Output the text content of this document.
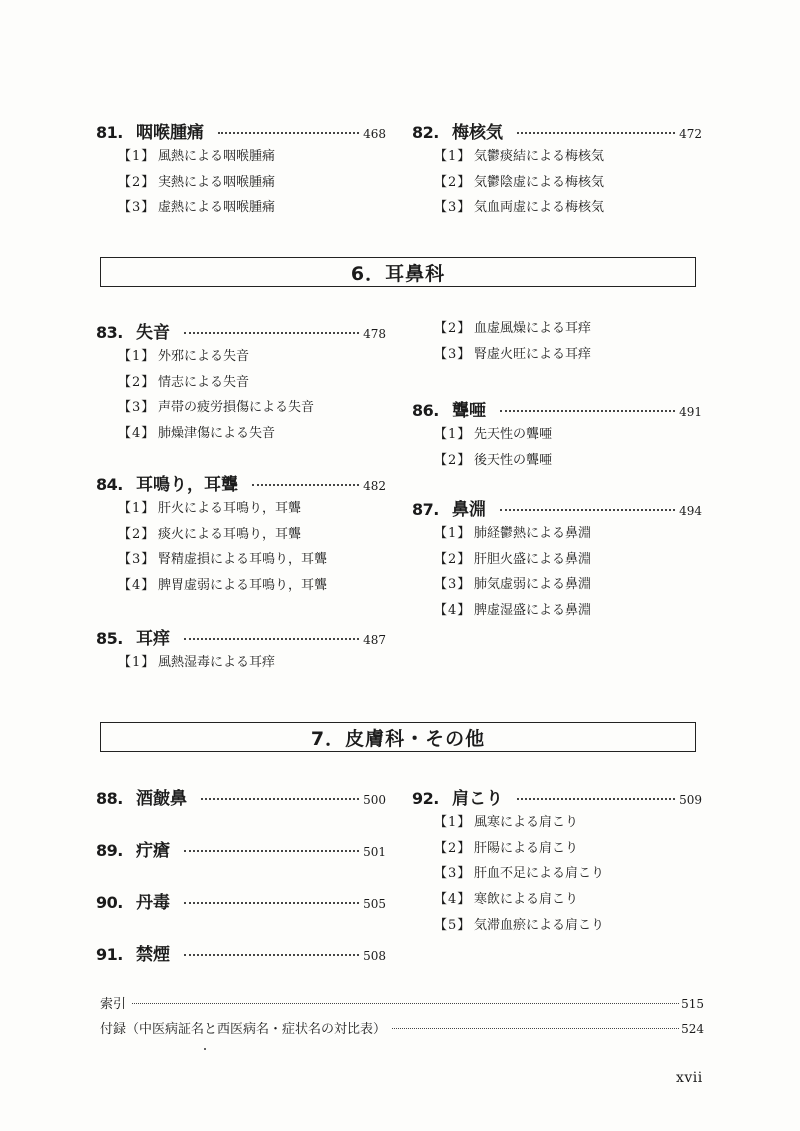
81. 咽喉腫痛	468
【1】 風熱による咽喉腫痛
【2】 実熱による咽喉腫痛
【3】 虚熱による咽喉腫痛
82. 梅核気	472
【1】 気鬱痰結による梅核気
【2】 気鬱陰虚による梅核気
【3】 気血両虚による梅核気
83. 失音	478
【1】 外邪による失音
【2】 情志による失音
【3】 声帯の疲労損傷による失音
【4】 肺燥津傷による失音
84. 耳鳴り，耳聾	482
【1】 肝火による耳鳴り，耳聾
【2】 痰火による耳鳴り，耳聾
【3】 腎精虚損による耳鳴り，耳聾
【4】 脾胃虚弱による耳鳴り，耳聾
85. 耳痒	487
【1】 風熱湿毒による耳痒
【2】 血虚風燥による耳痒
【3】 腎虚火旺による耳痒
86. 聾唖	491
【1】 先天性の聾唖
【2】 後天性の聾唖
87. 鼻淵	494
【1】 肺経鬱熱による鼻淵
【2】 肝胆火盛による鼻淵
【3】 肺気虚弱による鼻淵
【4】 脾虚湿盛による鼻淵
88. 酒皶鼻	500
89. 疔瘡	501
90. 丹毒	505
91. 禁煙	508
92. 肩こり	509
【1】 風寒による肩こり
【2】 肝陽による肩こり
【3】 肝血不足による肩こり
【4】 寒飲による肩こり
【5】 気滞血瘀による肩こり
6．耳鼻科
7．皮膚科・その他
索引	515
付録（中医病証名と西医病名・症状名の対比表）	524
xvii
